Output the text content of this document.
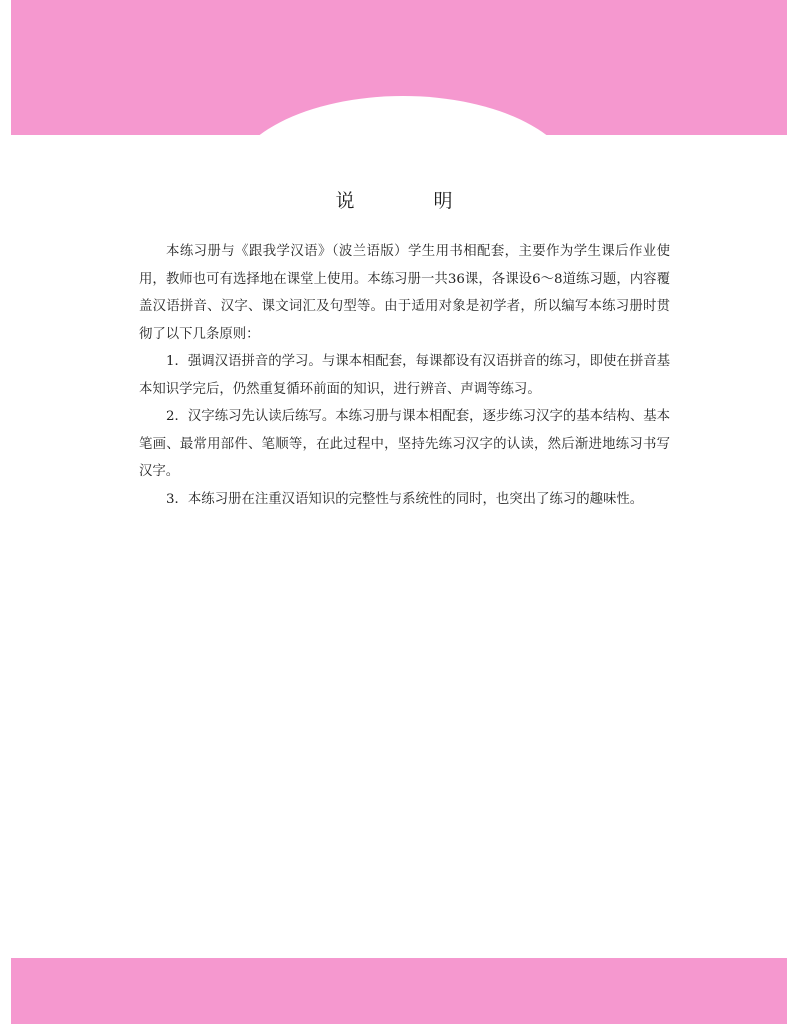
说　明

本练习册与《跟我学汉语》（波兰语版）学生用书相配套，主要作为学生课后作业使用，教师也可有选择地在课堂上使用。本练习册一共36课，各课设6～8道练习题，内容覆盖汉语拼音、汉字、课文词汇及句型等。由于适用对象是初学者，所以编写本练习册时贯彻了以下几条原则：

1．强调汉语拼音的学习。与课本相配套，每课都设有汉语拼音的练习，即使在拼音基本知识学完后，仍然重复循环前面的知识，进行辨音、声调等练习。

2．汉字练习先认读后练写。本练习册与课本相配套，逐步练习汉字的基本结构、基本笔画、最常用部件、笔顺等，在此过程中，坚持先练习汉字的认读，然后渐进地练习书写汉字。

3．本练习册在注重汉语知识的完整性与系统性的同时，也突出了练习的趣味性。
